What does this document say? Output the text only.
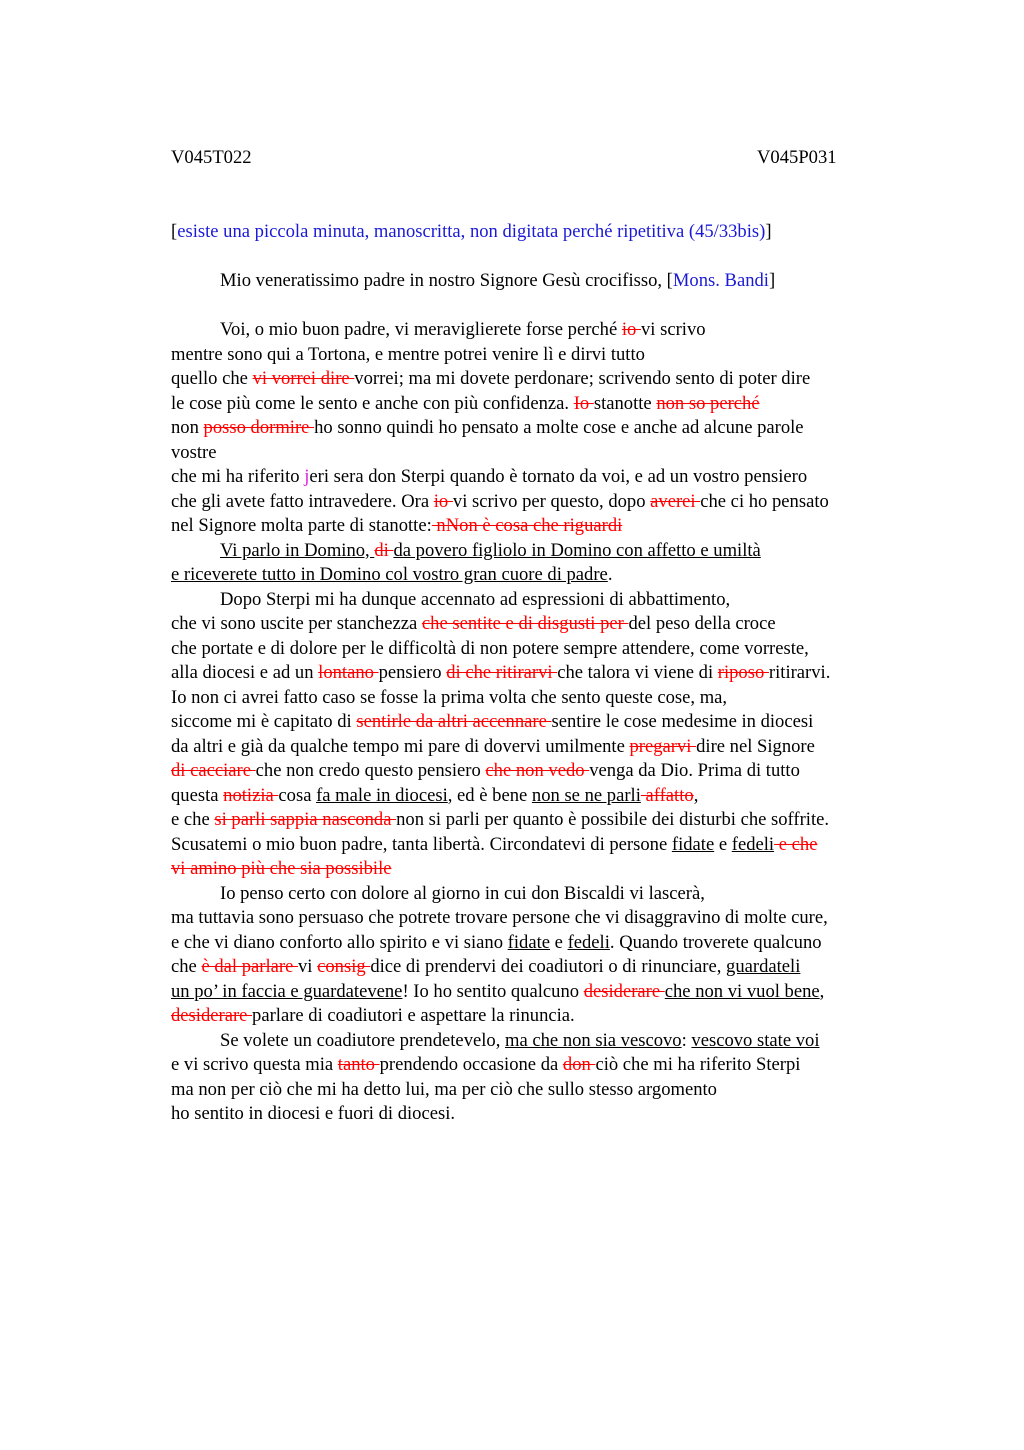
V045T022	V045P031
[esiste una piccola minuta, manoscritta, non digitata perché ripetitiva (45/33bis)]
Mio veneratissimo padre in nostro Signore Gesù crocifisso, [Mons. Bandi]
Voi, o mio buon padre, vi meraviglierete forse perché io vi scrivo
mentre sono qui a Tortona, e mentre potrei venire lì e dirvi tutto
quello che vi vorrei dire vorrei; ma mi dovete perdonare; scrivendo sento di poter dire
le cose più come le sento e anche con più confidenza. Io stanotte non so perché
non posso dormire ho sonno quindi ho pensato a molte cose e anche ad alcune parole
vostre
che mi ha riferito jeri sera don Sterpi quando è tornato da voi, e ad un vostro pensiero
che gli avete fatto intravedere. Ora io vi scrivo per questo, dopo averei che ci ho pensato
nel Signore molta parte di stanotte: nNon è cosa che riguardi
Vi parlo in Domino, di da povero figliolo in Domino con affetto e umiltà
e riceverete tutto in Domino col vostro gran cuore di padre.
Dopo Sterpi mi ha dunque accennato ad espressioni di abbattimento,
che vi sono uscite per stanchezza che sentite e di disgusti per del peso della croce
che portate e di dolore per le difficoltà di non potere sempre attendere, come vorreste,
alla diocesi e ad un lontano pensiero di che ritirarvi che talora vi viene di riposo ritirarvi.
Io non ci avrei fatto caso se fosse la prima volta che sento queste cose, ma,
siccome mi è capitato di sentirle da altri accennare sentire le cose medesime in diocesi
da altri e già da qualche tempo mi pare di dovervi umilmente pregarvi dire nel Signore
di cacciare che non credo questo pensiero che non vedo venga da Dio. Prima di tutto
questa notizia cosa fa male in diocesi, ed è bene non se ne parli affatto,
e che si parli sappia nasconda non si parli per quanto è possibile dei disturbi che soffrite.
Scusatemi o mio buon padre, tanta libertà. Circondatevi di persone fidate e fedeli e che
vi amino più che sia possibile
Io penso certo con dolore al giorno in cui don Biscaldi vi lascerà,
ma tuttavia sono persuaso che potrete trovare persone che vi disaggravino di molte cure,
e che vi diano conforto allo spirito e vi siano fidate e fedeli. Quando troverete qualcuno
che è dal parlare vi consig dice di prendervi dei coadiutori o di rinunciare, guardateli
un po’ in faccia e guardatevene! Io ho sentito qualcuno desiderare che non vi vuol bene,
desiderare parlare di coadiutori e aspettare la rinuncia.
Se volete un coadiutore prendetevelo, ma che non sia vescovo: vescovo state voi
e vi scrivo questa mia tanto prendendo occasione da don ciò che mi ha riferito Sterpi
ma non per ciò che mi ha detto lui, ma per ciò che sullo stesso argomento
ho sentito in diocesi e fuori di diocesi.
